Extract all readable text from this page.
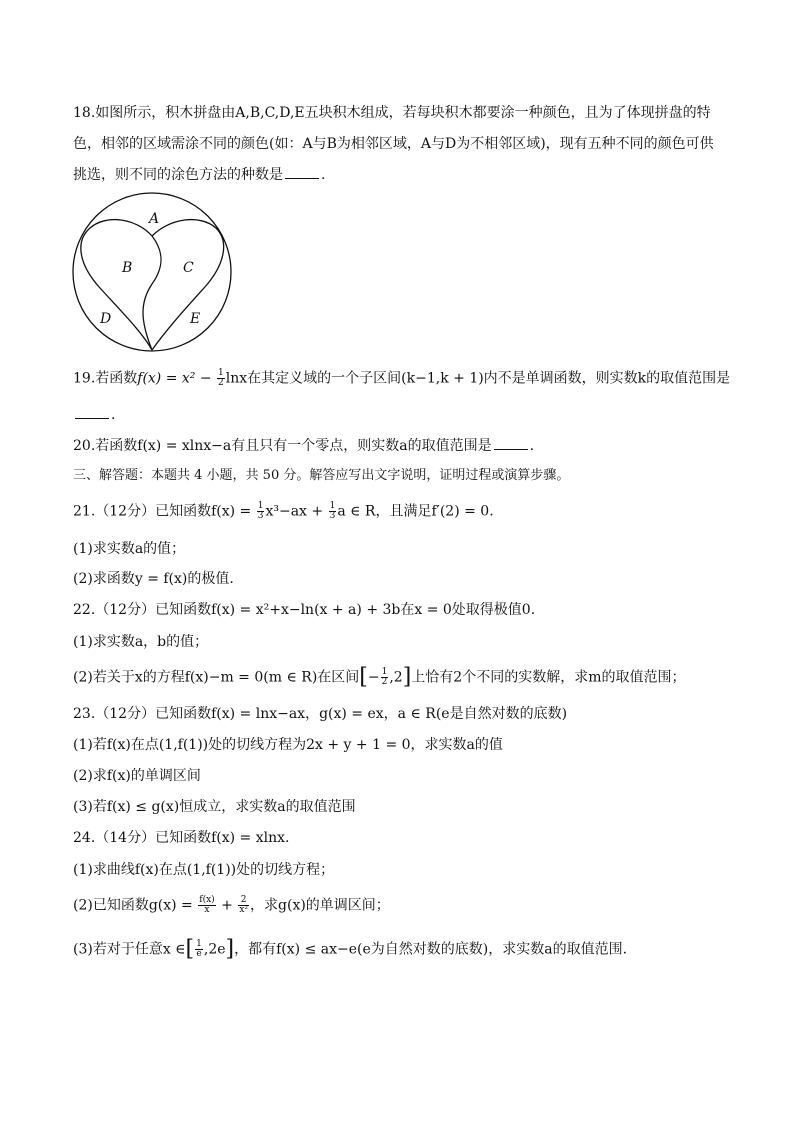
18.如图所示，积木拼盘由A,B,C,D,E五块积木组成，若每块积木都要涂一种颜色，且为了体现拼盘的特
色，相邻的区域需涂不同的颜色(如：A与B为相邻区域，A与D为不相邻区域)，现有五种不同的颜色可供
挑选，则不同的涂色方法的种数是	.
A
B	C
D	E
19.若函数$f(x) = x^2 - \frac{1}{2}$ lnx在其定义域的一个子区间(k−1,k + 1)内不是单调函数，则实数k的取值范围是
.
20.若函数f(x) = xlnx−a有且只有一个零点，则实数a的取值范围是	.
三、解答题：本题共 4 小题，共 50 分。解答应写出文字说明，证明过程或演算步骤。
21.（12分）已知函数$f(x) = \frac{1}{3} x^3-ax + \frac{1}{3}$ a ∈ R，且满足f′(2) = 0.
(1)求实数a的值；
(2)求函数y = f(x)的极值.
22.（12分）已知函数f(x) = x²+x−ln(x + a) + 3b在x = 0处取得极值0.
(1)求实数a，b的值；
(2)若关于x的方程f(x)−m = 0(m ∈ R)在区间[− $\frac{1}{2} ,2$]上恰有2个不同的实数解，求m的取值范围；
23.（12分）已知函数f(x) = lnx−ax，g(x) = ex，a ∈ R(e是自然对数的底数)
(1)若f(x)在点(1,f(1))处的切线方程为2x + y + 1 = 0，求实数a的值
(2)求f(x)的单调区间
(3)若f(x) ≤ g(x)恒成立，求实数a的取值范围
24.（14分）已知函数f(x) = xlnx.
(1)求曲线f(x)在点(1,f(1))处的切线方程；
(2)已知函数$g(x) = \frac{f(x)}{x} + \frac{2}{\text{x²}}$ ，求g(x)的单调区间；
(3)若对于任意x ∈[ $\frac{1}{e} ,2e$]，都有f(x) ≤ ax−e(e为自然对数的底数)，求实数a的取值范围.
